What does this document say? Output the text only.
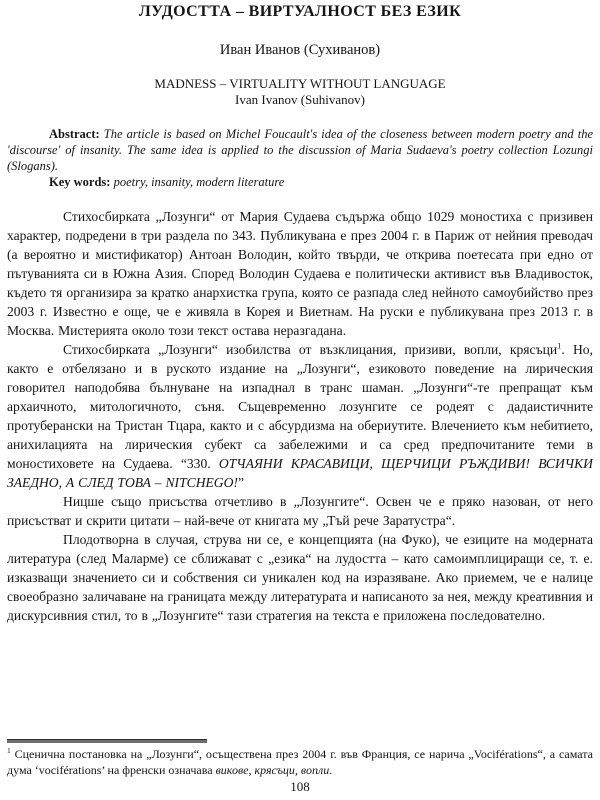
ЛУДОСТТА – ВИРТУАЛНОСТ БЕЗ ЕЗИК

Иван Иванов (Сухиванов)

MADNESS – VIRTUALITY WITHOUT LANGUAGE

Ivan Ivanov (Suhivanov)

Abstract: The article is based on Michel Foucault's idea of the closeness between modern poetry and the 'discourse' of insanity. The same idea is applied to the discussion of Maria Sudaeva's poetry collection Lozungi (Slogans).

Key words: poetry, insanity, modern literature

Стихосбирката „Лозунги“ от Мария Судаева съдържа общо 1029 моностиха с призивен характер, подредени в три раздела по 343. Публикувана е през 2004 г. в Париж от нейния преводач (а вероятно и мистификатор) Антоан Володин, който твърди, че открива поетесата при едно от пътуванията си в Южна Азия. Според Володин Судаева е политически активист във Владивосток, където тя организира за кратко анархистка група, която се разпада след нейното самоубийство през 2003 г. Известно е още, че е живяла в Корея и Виетнам. На руски е публикувана през 2013 г. в Москва. Мистерията около този текст остава неразгадана.

Стихосбирката „Лозунги“ изобилства от възклицания, призиви, вопли, крясъци$^1$. Но, както е отбелязано и в руското издание на „Лозунги“, езиковото поведение на лирическия говорител наподобява бълнуване на изпаднал в транс шаман. „Лозунги“-те препращат към архаичното, митологичното, съня. Същевременно лозунгите се родеят с дадаистичните протуберански на Тристан Тцара, както и с абсурдизма на обериутите. Влечението към небитието, анихилацията на лирическия субект са забележими и са сред предпочитаните теми в моностиховете на Судаева. “330. ОТЧАЯНИ КРАСАВИЦИ, ЩЕРЧИЦИ РЪЖДИВИ! ВСИЧКИ ЗАЕДНО, А СЛЕД ТОВА – NITCHEGO!”

Ницше също присъства отчетливо в „Лозунгите“. Освен че е пряко назован, от него присъстват и скрити цитати – най-вече от книгата му „Тъй рече Заратустра“.

Плодотворна в случая, струва ни се, е концепцията (на Фуко), че езиците на модерната литература (след Маларме) се сближават с „езика“ на лудостта – като самоимплициращи се, т. е. изказващи значението си и собствения си уникален код на изразяване. Ако приемем, че е налице своеобразно заличаване на границата между литературата и написаното за нея, между креативния и дискурсивния стил, то в „Лозунгите“ тази стратегия на текста е приложена последователно.

$^1$ Сценична постановка на „Лозунги“, осъществена през 2004 г. във Франция, се нарича „Vociférations“, а самата дума ‘vociférations’ на френски означава викове, крясъци, вопли.

108
